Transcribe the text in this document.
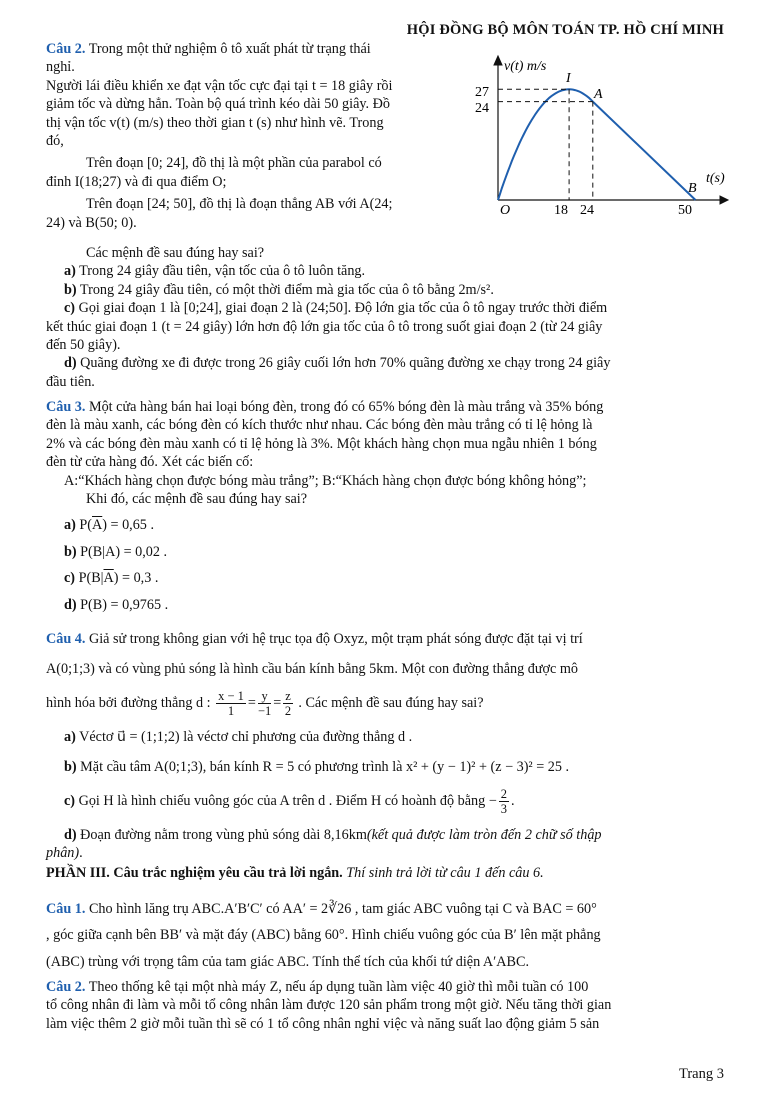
HỘI ĐỒNG BỘ MÔN TOÁN TP. HỒ CHÍ MINH

Câu 2. Trong một thử nghiệm ô tô xuất phát từ trạng thái

nghỉ.

Người lái điều khiển xe đạt vận tốc cực đại tại t = 18 giây rồi

giảm tốc và dừng hẳn. Toàn bộ quá trình kéo dài 50 giây. Đồ

thị vận tốc v(t) (m/s) theo thời gian t (s) như hình vẽ. Trong

đó,

Trên đoạn [0; 24], đồ thị là một phần của parabol có

đỉnh I(18;27) và đi qua điểm O;

Trên đoạn [24; 50], đồ thị là đoạn thẳng AB với A(24;

24) và B(50; 0).

v(t) m/s
t(s)
27
24
O	18 24	50
I
A
B

Các mệnh đề sau đúng hay sai?

a) Trong 24 giây đầu tiên, vận tốc của ô tô luôn tăng.

b) Trong 24 giây đầu tiên, có một thời điểm mà gia tốc của ô tô bằng 2m/s².

c) Gọi giai đoạn 1 là [0;24], giai đoạn 2 là (24;50]. Độ lớn gia tốc của ô tô ngay trước thời điểm

kết thúc giai đoạn 1 (t = 24 giây) lớn hơn độ lớn gia tốc của ô tô trong suốt giai đoạn 2 (từ 24 giây

đến 50 giây).

d) Quãng đường xe đi được trong 26 giây cuối lớn hơn 70% quãng đường xe chạy trong 24 giây

đầu tiên.

Câu 3. Một cửa hàng bán hai loại bóng đèn, trong đó có 65% bóng đèn là màu trắng và 35% bóng

đèn là màu xanh, các bóng đèn có kích thước như nhau. Các bóng đèn màu trắng có tỉ lệ hỏng là

2% và các bóng đèn màu xanh có tỉ lệ hỏng là 3%. Một khách hàng chọn mua ngẫu nhiên 1 bóng

đèn từ cửa hàng đó. Xét các biến cố:

A:“Khách hàng chọn được bóng màu trắng”; B:“Khách hàng chọn được bóng không hỏng”;

Khi đó, các mệnh đề sau đúng hay sai?

a) $P(\overline{A}) = 0,65$ .

b) P(B|A) = 0,02 .

c) $P(B|\overline{A}) = 0,3$ .

d) P(B) = 0,9765 .

Câu 4. Giả sử trong không gian với hệ trục tọa độ Oxyz, một trạm phát sóng được đặt tại vị trí

A(0;1;3) và có vùng phủ sóng là hình cầu bán kính bằng 5km. Một con đường thẳng được mô

hình hóa bởi đường thẳng d : $\frac{x - 1}{1} = \frac{y}{-1} = \frac{z}{2}$ . Các mệnh đề sau đúng hay sai?

a) Véctơ u⃗ = (1;1;2) là véctơ chỉ phương của đường thẳng d .

b) Mặt cầu tâm A(0;1;3), bán kính R = 5 có phương trình là x² + (y − 1)² + (z − 3)² = 25 .

c) Gọi H là hình chiếu vuông góc của A trên d . Điểm H có hoành độ bằng − $\frac{2}{3}$ .

d) Đoạn đường nằm trong vùng phủ sóng dài 8,16km(kết quả được làm tròn đến 2 chữ số thập

phân).

PHẦN III. Câu trắc nghiệm yêu cầu trả lời ngắn. Thí sinh trả lời từ câu 1 đến câu 6.

Câu 1. Cho hình lăng trụ ABC.A′B′C′ có AA′ = 2∛26 , tam giác ABC vuông tại C và BAC = 60°

, góc giữa cạnh bên BB′ và mặt đáy (ABC) bằng 60°. Hình chiếu vuông góc của B′ lên mặt phẳng

(ABC) trùng với trọng tâm của tam giác ABC. Tính thể tích của khối tứ diện A′ABC.

Câu 2. Theo thống kê tại một nhà máy Z, nếu áp dụng tuần làm việc 40 giờ thì mỗi tuần có 100

tổ công nhân đi làm và mỗi tổ công nhân làm được 120 sản phẩm trong một giờ. Nếu tăng thời gian

làm việc thêm 2 giờ mỗi tuần thì sẽ có 1 tổ công nhân nghỉ việc và năng suất lao động giảm 5 sản

Trang 3
